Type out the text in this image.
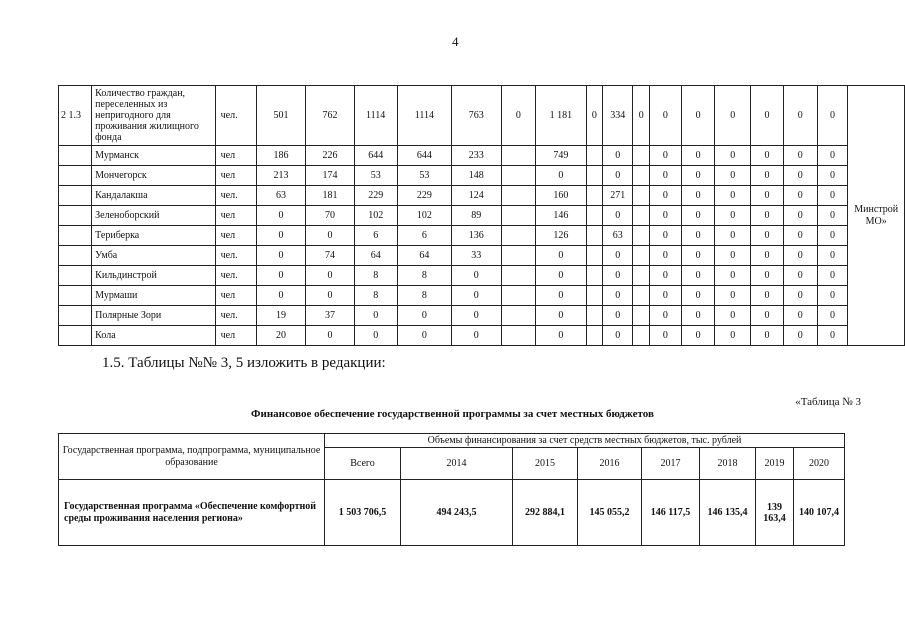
4
2 1.3	Количество граждан, переселенных из непригодного для проживания жилищного фонда	чел.	501	762	1114	1114	763	0	1 181	0	334	0	0	0	0	0	0	0	Минстрой МО»
	Мурманск	чел	186	226	644	644	233		749		0		0	0	0	0	0	0	
	Мончегорск	чел	213	174	53	53	148		0		0		0	0	0	0	0	0	
	Кандалакша	чел.	63	181	229	229	124		160		271		0	0	0	0	0	0	
	Зеленоборский	чел	0	70	102	102	89		146		0		0	0	0	0	0	0	
	Териберка	чел	0	0	6	6	136		126		63		0	0	0	0	0	0	
	Умба	чел.	0	74	64	64	33		0		0		0	0	0	0	0	0	
	Кильдинстрой	чел.	0	0	8	8	0		0		0		0	0	0	0	0	0	
	Мурмаши	чел	0	0	8	8	0		0		0		0	0	0	0	0	0	
	Полярные Зори	чел.	19	37	0	0	0		0		0		0	0	0	0	0	0	
	Кола	чел	20	0	0	0	0		0		0		0	0	0	0	0	0	
1.5. Таблицы №№ 3, 5 изложить в редакции:
«Таблица № 3
Финансовое обеспечение государственной программы за счет местных бюджетов
Государственная программа, подпрограмма, муниципальное образование	Объемы финансирования за счет средств местных бюджетов, тыс. рублей							
	Всего	2014	2015	2016	2017	2018	2019	2020
Государственная программа «Обеспечение комфортной среды проживания населения региона»	1 503 706,5	494 243,5	292 884,1	145 055,2	146 117,5	146 135,4	139 163,4	140 107,4
